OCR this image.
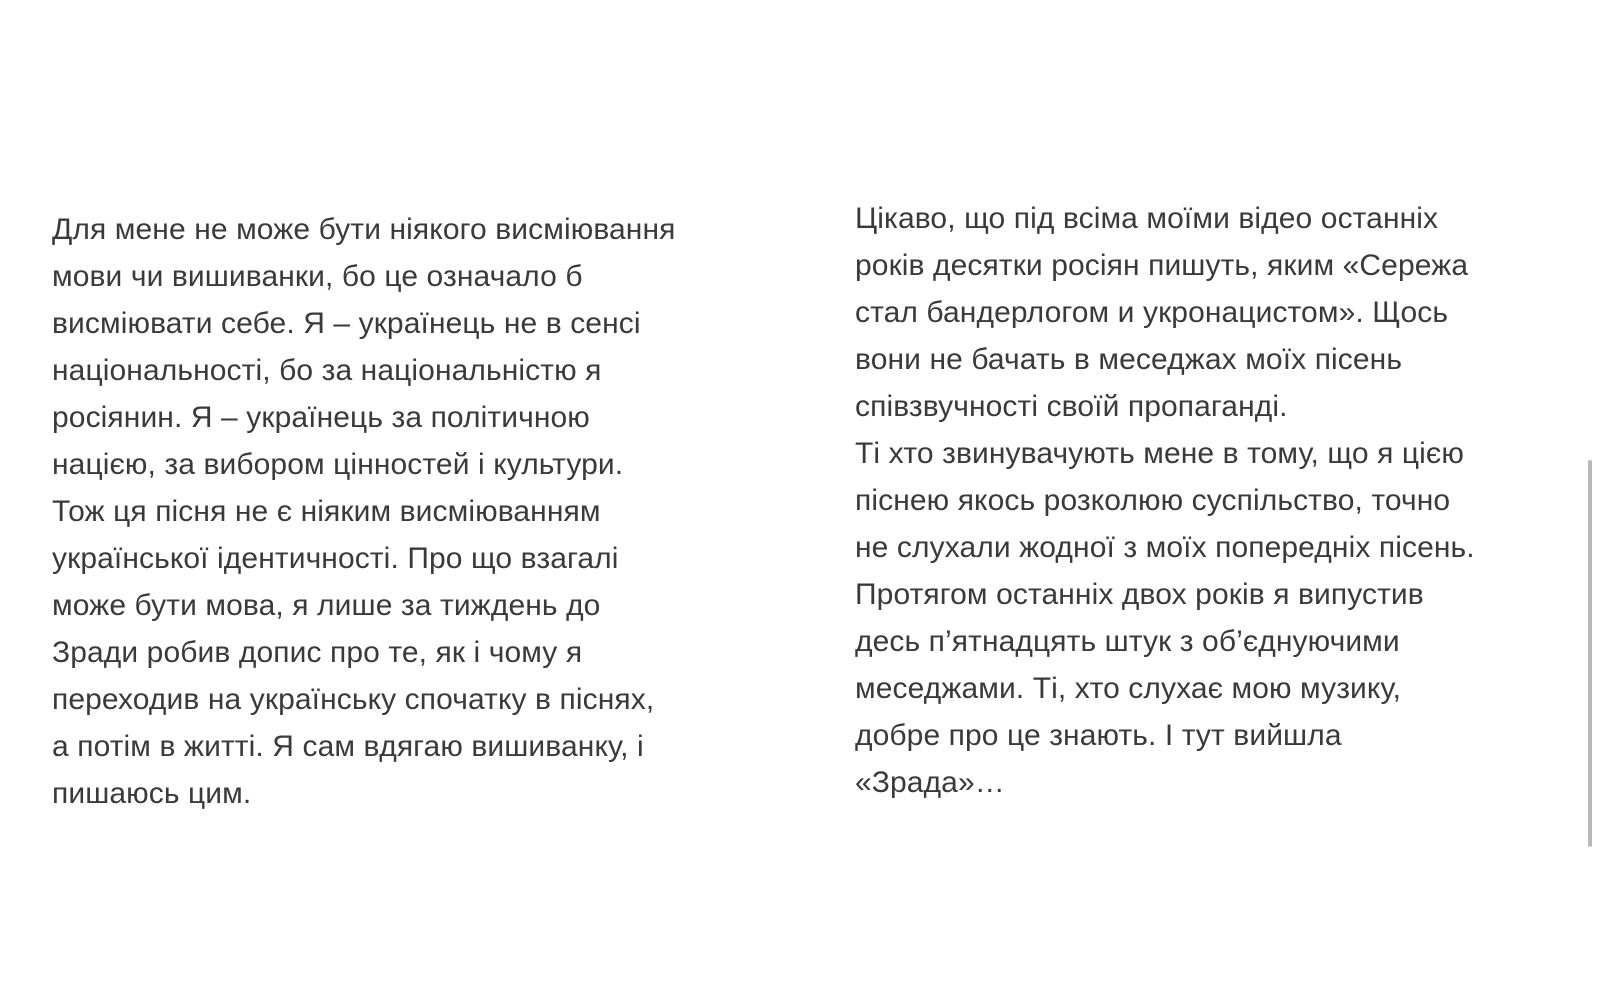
Для мене не може бути ніякого висміювання
мови чи вишиванки, бо це означало б
висміювати себе. Я – українець не в сенсі
національності, бо за національністю я
росіянин. Я – українець за політичною
нацією, за вибором цінностей і культури.
Тож ця пісня не є ніяким висміюванням
української ідентичності. Про що взагалі
може бути мова, я лише за тиждень до
Зради робив допис про те, як і чому я
переходив на українську спочатку в піснях,
а потім в житті. Я сам вдягаю вишиванку, і
пишаюсь цим.
Цікаво, що під всіма моїми відео останніх
років десятки росіян пишуть, яким «Сережа
стал бандерлогом и укронацистом». Щось
вони не бачать в меседжах моїх пісень
співзвучності своїй пропаганді.
Ті хто звинувачують мене в тому, що я цією
піснею якось розколюю суспільство, точно
не слухали жодної з моїх попередніх пісень.
Протягом останніх двох років я випустив
десь п’ятнадцять штук з об’єднуючими
меседжами. Ті, хто слухає мою музику,
добре про це знають. І тут вийшла
«Зрада»…
